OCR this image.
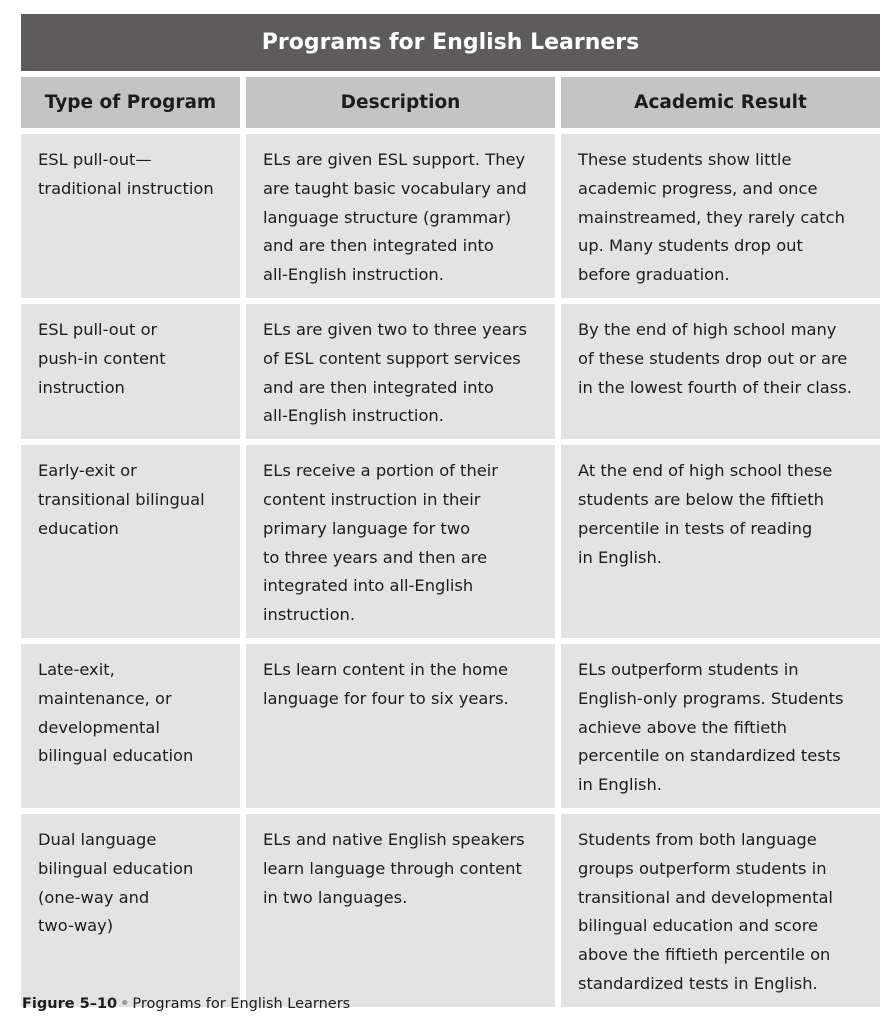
Programs for English Learners
Type of Program	Description	Academic Result
ESL pull-out—
traditional instruction
ELs are given ESL support. They
are taught basic vocabulary and
language structure (grammar)
and are then integrated into
all-English instruction.
These students show little
academic progress, and once
mainstreamed, they rarely catch
up. Many students drop out
before graduation.
ESL pull-out or
push-in content
instruction
ELs are given two to three years
of ESL content support services
and are then integrated into
all-English instruction.
By the end of high school many
of these students drop out or are
in the lowest fourth of their class.
Early-exit or
transitional bilingual
education
ELs receive a portion of their
content instruction in their
primary language for two
to three years and then are
integrated into all-English
instruction.
At the end of high school these
students are below the fiftieth
percentile in tests of reading
in English.
Late-exit,
maintenance, or
developmental
bilingual education
ELs learn content in the home
language for four to six years.
ELs outperform students in
English-only programs. Students
achieve above the fiftieth
percentile on standardized tests
in English.
Dual language
bilingual education
(one-way and
two-way)
ELs and native English speakers
learn language through content
in two languages.
Students from both language
groups outperform students in
transitional and developmental
bilingual education and score
above the fiftieth percentile on
standardized tests in English.
Figure 5–10 • Programs for English Learners
